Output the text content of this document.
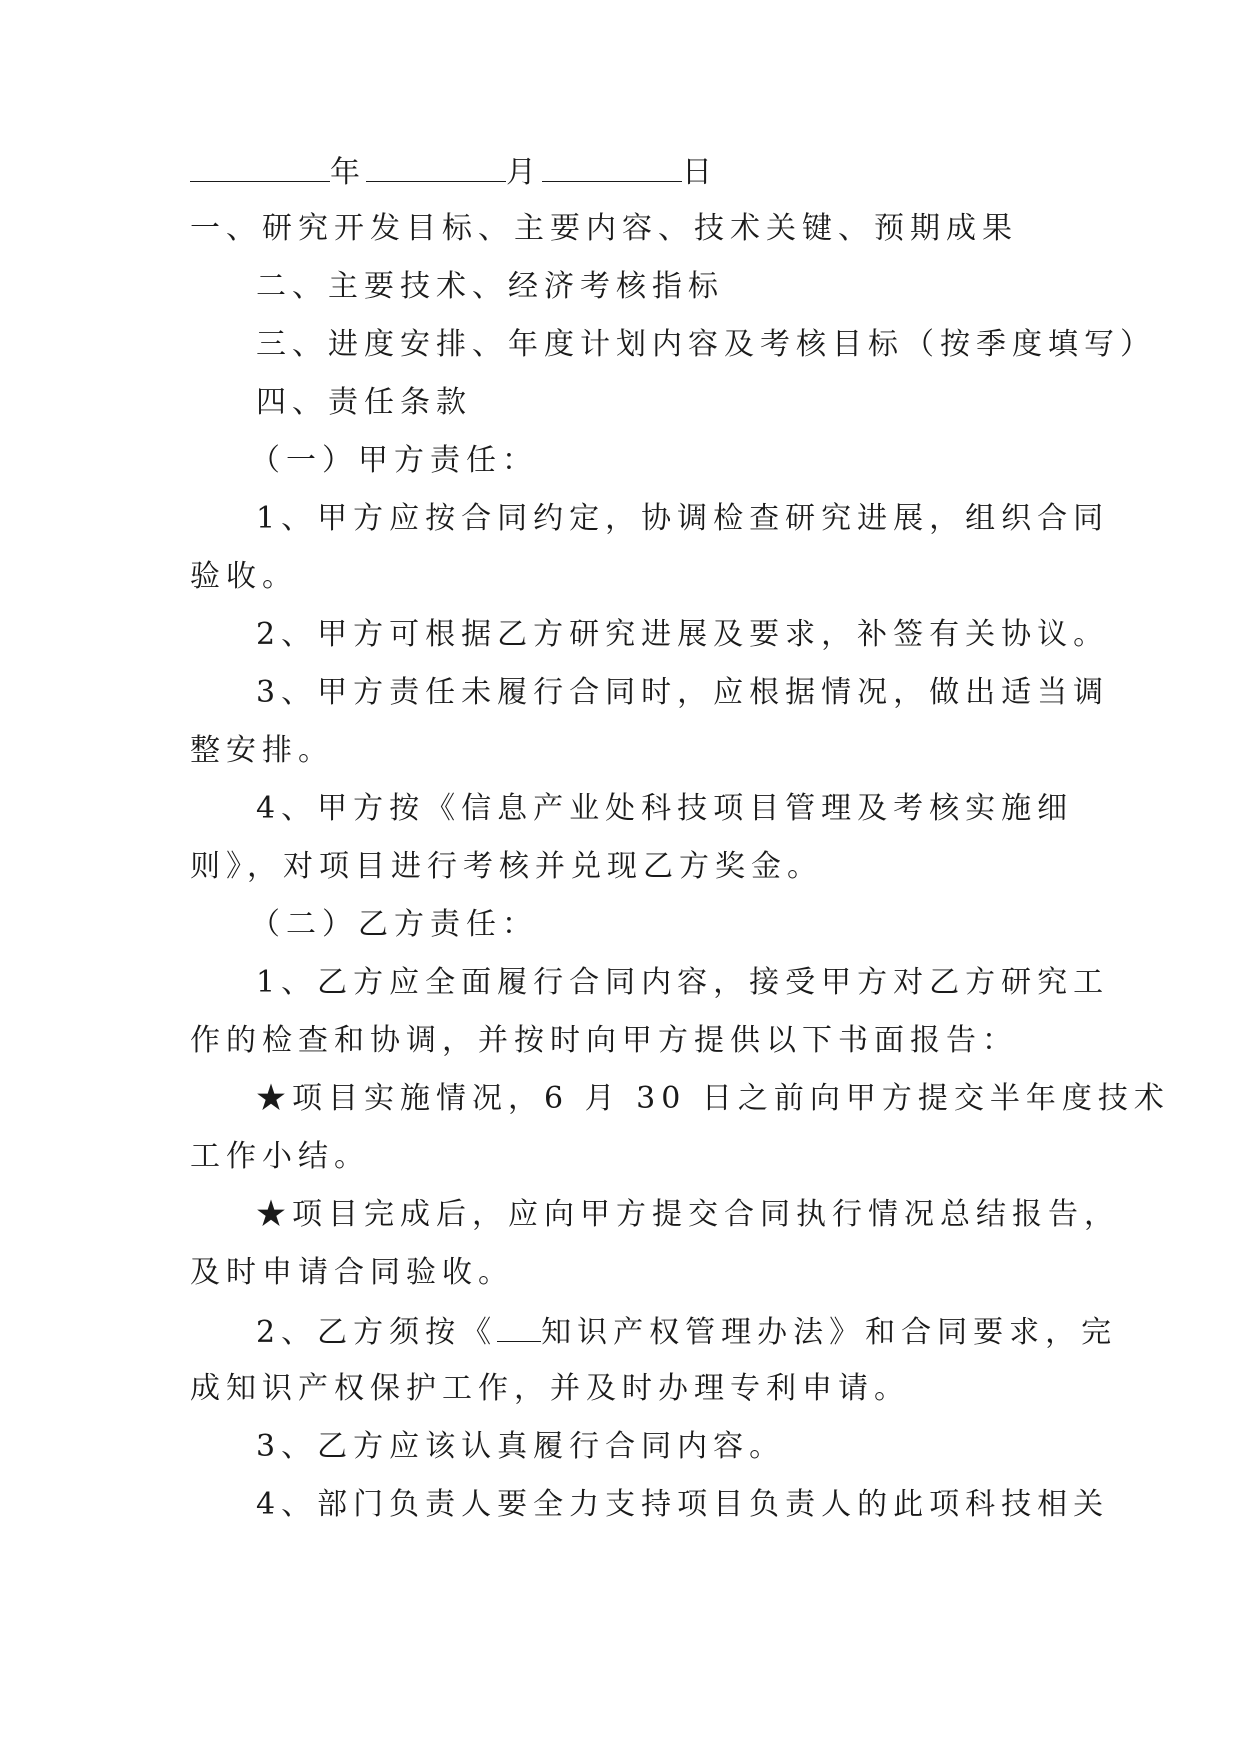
年	月	日
一、研究开发目标、主要内容、技术关键、预期成果
二、主要技术、经济考核指标
三、进度安排、年度计划内容及考核目标（按季度填写）
四、责任条款
（一）甲方责任：
1、甲方应按合同约定，协调检查研究进展，组织合同
验收。
2、甲方可根据乙方研究进展及要求，补签有关协议。
3、甲方责任未履行合同时，应根据情况，做出适当调
整安排。
4、甲方按《信息产业处科技项目管理及考核实施细
则》，对项目进行考核并兑现乙方奖金。
（二）乙方责任：
1、乙方应全面履行合同内容，接受甲方对乙方研究工
作的检查和协调，并按时向甲方提供以下书面报告：
★项目实施情况，6 月 30 日之前向甲方提交半年度技术
工作小结。
★项目完成后，应向甲方提交合同执行情况总结报告，
及时申请合同验收。
2、乙方须按《 知识产权管理办法》和合同要求，完
成知识产权保护工作，并及时办理专利申请。
3、乙方应该认真履行合同内容。
4、部门负责人要全力支持项目负责人的此项科技相关
